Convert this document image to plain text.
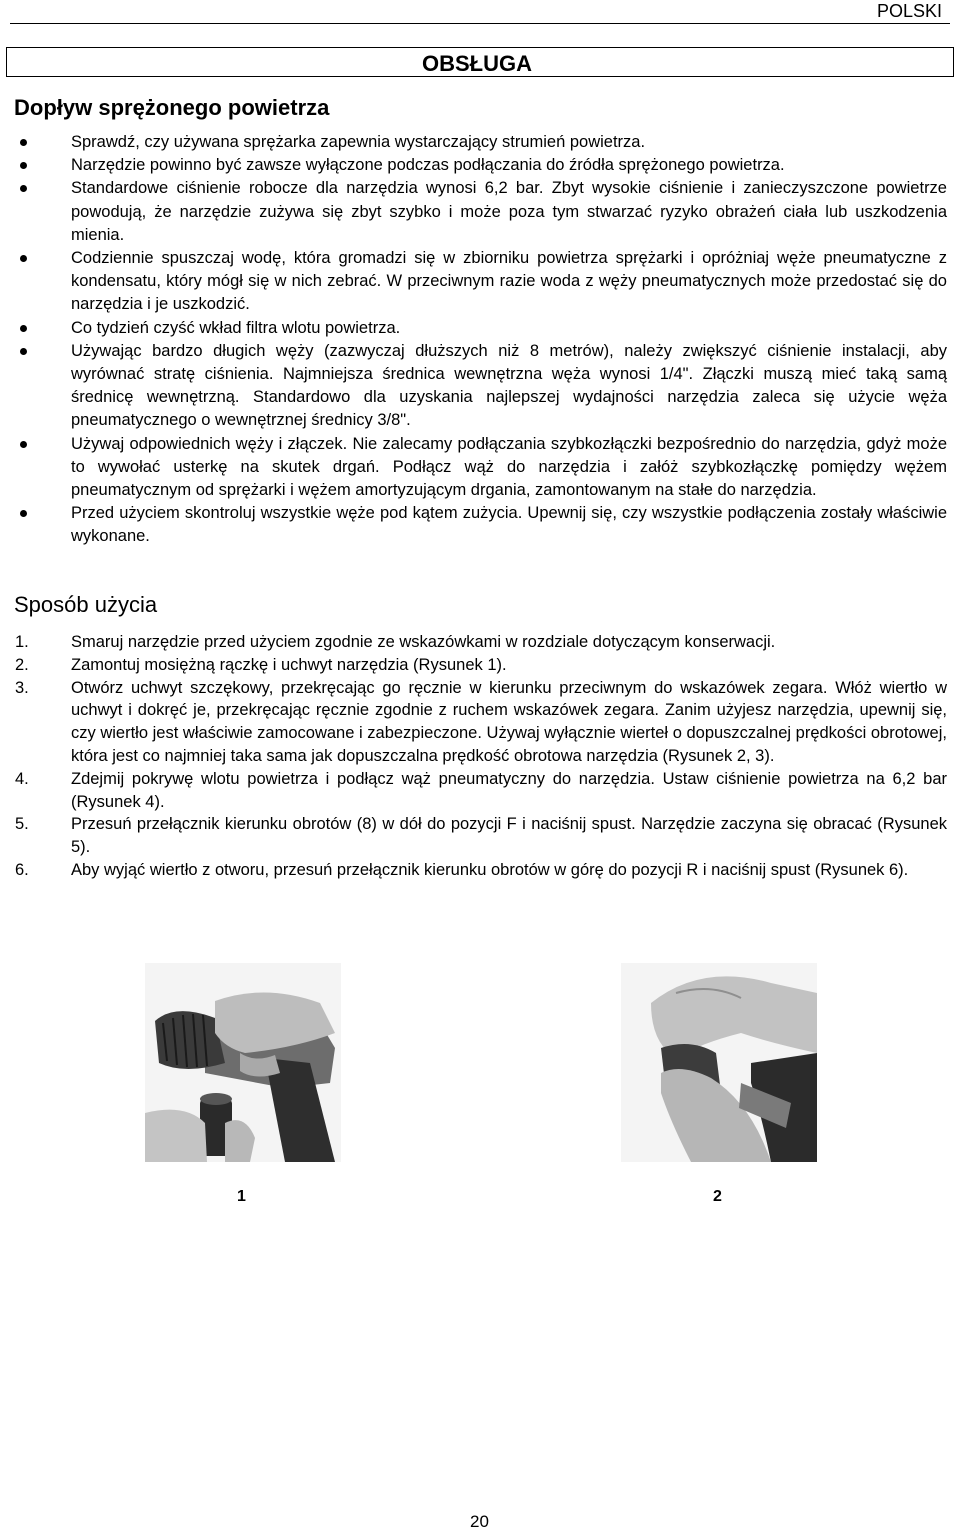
POLSKI
OBSŁUGA
Dopływ sprężonego powietrza
Sprawdź, czy używana sprężarka zapewnia wystarczający strumień powietrza.
Narzędzie powinno być zawsze wyłączone podczas podłączania do źródła sprężonego powietrza.
Standardowe ciśnienie robocze dla narzędzia wynosi 6,2 bar. Zbyt wysokie ciśnienie i zanieczyszczone powietrze powodują, że narzędzie zużywa się zbyt szybko i może poza tym stwarzać ryzyko obrażeń ciała lub uszkodzenia mienia.
Codziennie spuszczaj wodę, która gromadzi się w zbiorniku powietrza sprężarki i opróżniaj węże pneumatyczne z kondensatu, który mógł się w nich zebrać. W przeciwnym razie woda z węży pneumatycznych może przedostać się do narzędzia i je uszkodzić.
Co tydzień czyść wkład filtra wlotu powietrza.
Używając bardzo długich węży (zazwyczaj dłuższych niż 8 metrów), należy zwiększyć ciśnienie instalacji, aby wyrównać stratę ciśnienia. Najmniejsza średnica wewnętrzna węża wynosi 1/4". Złączki muszą mieć taką samą średnicę wewnętrzną. Standardowo dla uzyskania najlepszej wydajności narzędzia zaleca się użycie węża pneumatycznego o wewnętrznej średnicy 3/8".
Używaj odpowiednich węży i złączek. Nie zalecamy podłączania szybkozłączki bezpośrednio do narzędzia, gdyż może to wywołać usterkę na skutek drgań. Podłącz wąż do narzędzia i załóż szybkozłączkę pomiędzy wężem pneumatycznym od sprężarki i wężem amortyzującym drgania, zamontowanym na stałe do narzędzia.
Przed użyciem skontroluj wszystkie węże pod kątem zużycia. Upewnij się, czy wszystkie podłączenia zostały właściwie wykonane.
Sposób użycia
1.	Smaruj narzędzie przed użyciem zgodnie ze wskazówkami w rozdziale dotyczącym konserwacji.
2.	Zamontuj mosiężną rączkę i uchwyt narzędzia (Rysunek 1).
3.	Otwórz uchwyt szczękowy, przekręcając go ręcznie w kierunku przeciwnym do wskazówek zegara. Włóż wiertło w uchwyt i dokręć je, przekręcając ręcznie zgodnie z ruchem wskazówek zegara. Zanim użyjesz narzędzia, upewnij się, czy wiertło jest właściwie zamocowane i zabezpieczone. Używaj wyłącznie wierteł o dopuszczalnej prędkości obrotowej, która jest co najmniej taka sama jak dopuszczalna prędkość obrotowa narzędzia (Rysunek 2, 3).
4.	Zdejmij pokrywę wlotu powietrza i podłącz wąż pneumatyczny do narzędzia. Ustaw ciśnienie powietrza na 6,2 bar (Rysunek 4).
5.	Przesuń przełącznik kierunku obrotów (8) w dół do pozycji F i naciśnij spust. Narzędzie zaczyna się obracać (Rysunek 5).
6.	Aby wyjąć wiertło z otworu, przesuń przełącznik kierunku obrotów w górę do pozycji R i naciśnij spust (Rysunek 6).
1	2
20
